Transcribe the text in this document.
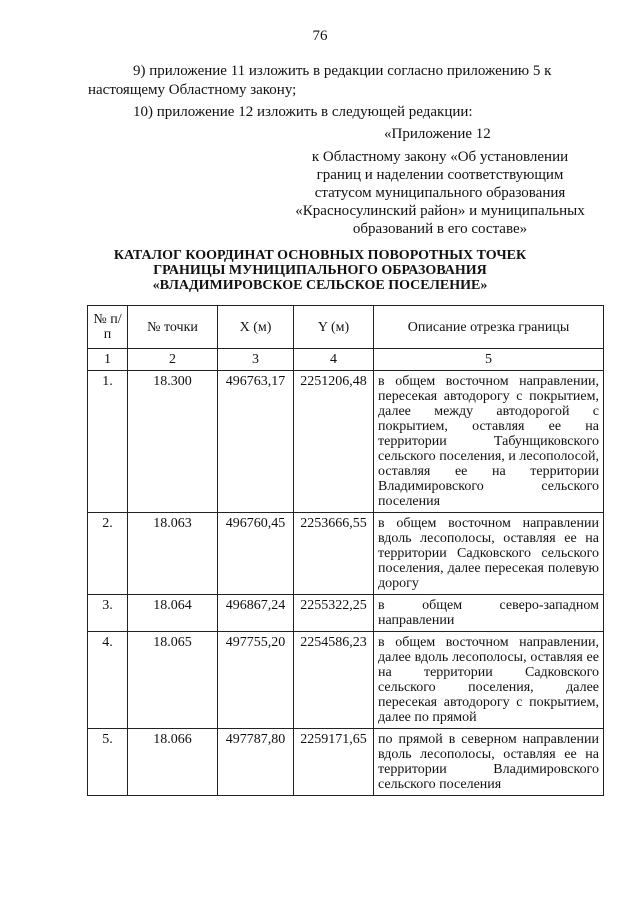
76
9) приложение 11 изложить в редакции согласно приложению 5 к
настоящему Областному закону;
10) приложение 12 изложить в следующей редакции:
«Приложение 12
к Областному закону «Об установлении
границ и наделении соответствующим
статусом муниципального образования
«Красносулинский район» и муниципальных
образований в его составе»
КАТАЛОГ КООРДИНАТ ОСНОВНЫХ ПОВОРОТНЫХ ТОЧЕК
ГРАНИЦЫ МУНИЦИПАЛЬНОГО ОБРАЗОВАНИЯ
«ВЛАДИМИРОВСКОЕ СЕЛЬСКОЕ ПОСЕЛЕНИЕ»
№ п/п	№ точки	X (м)	Y (м)	Описание отрезка границы
1	2	3	4	5
1.	18.300	496763,17	2251206,48	в общем восточном направлении, пересекая автодорогу с покрытием, далее между автодорогой с покрытием, оставляя ее на территории Табунщиковского сельского поселения, и лесополосой, оставляя ее на территории Владимировского сельского поселения
2.	18.063	496760,45	2253666,55	в общем восточном направлении вдоль лесополосы, оставляя ее на территории Садковского сельского поселения, далее пересекая полевую дорогу
3.	18.064	496867,24	2255322,25	в общем северо-западном направлении
4.	18.065	497755,20	2254586,23	в общем восточном направлении, далее вдоль лесополосы, оставляя ее на территории Садковского сельского поселения, далее пересекая автодорогу с покрытием, далее по прямой
5.	18.066	497787,80	2259171,65	по прямой в северном направлении вдоль лесополосы, оставляя ее на территории Владимировского сельского поселения
